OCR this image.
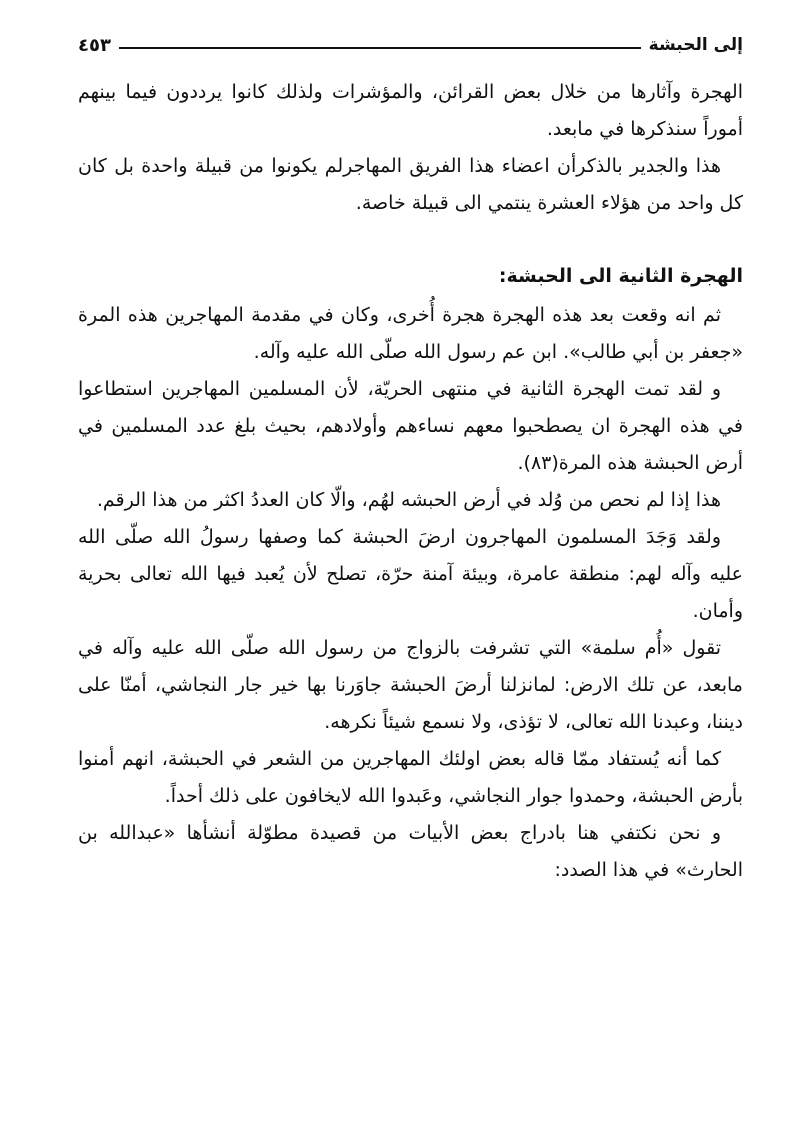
إلى الحبشة
٤٥٣

الهجرة وآثارها من خلال بعض القرائن، والمؤشرات ولذلك كانوا يرددون فيما بينهم أموراً سنذكرها في مابعد.

هذا والجدير بالذكرأن اعضاء هذا الفريق المهاجرلم يكونوا من قبيلة واحدة بل كان كل واحد من هؤلاء العشرة ينتمي الى قبيلة خاصة.

الهجرة الثانية الى الحبشة:

ثم انه وقعت بعد هذه الهجرة هجرة أُخرى، وكان في مقدمة المهاجرين هذه المرة «جعفر بن أبي طالب». ابن عم رسول الله صلّى الله عليه وآله.

و لقد تمت الهجرة الثانية في منتهى الحريّة، لأن المسلمين المهاجرين استطاعوا في هذه الهجرة ان يصطحبوا معهم نساءهم وأولادهم، بحيث بلغ عدد المسلمين في أرض الحبشة هذه المرة(٨٣).

هذا إذا لم نحص من وُلد في أرض الحبشه لهُم، والّا كان العددُ اكثر من هذا الرقم.

ولقد وَجَدَ المسلمون المهاجرون ارضَ الحبشة كما وصفها رسولُ الله صلّى الله عليه وآله لهم: منطقة عامرة، وبيئة آمنة حرّة، تصلح لأن يُعبد فيها الله تعالى بحرية وأمان.

تقول «أُم سلمة» التي تشرفت بالزواج من رسول الله صلّى الله عليه وآله في مابعد، عن تلك الارض: لمانزلنا أرضَ الحبشة جاوَرنا بها خير جار النجاشي، أمنّا على ديننا، وعبدنا الله تعالى، لا تؤذى، ولا نسمع شيئاً نكرهه.

كما أنه يُستفاد ممّا قاله بعض اولئك المهاجرين من الشعر في الحبشة، انهم أمنوا بأرض الحبشة، وحمدوا جوار النجاشي، وعَبدوا الله لايخافون على ذلك أحداً.

و نحن نكتفي هنا بادراج بعض الأبيات من قصيدة مطوّلة أنشأها «عبدالله بن الحارث» في هذا الصدد:
